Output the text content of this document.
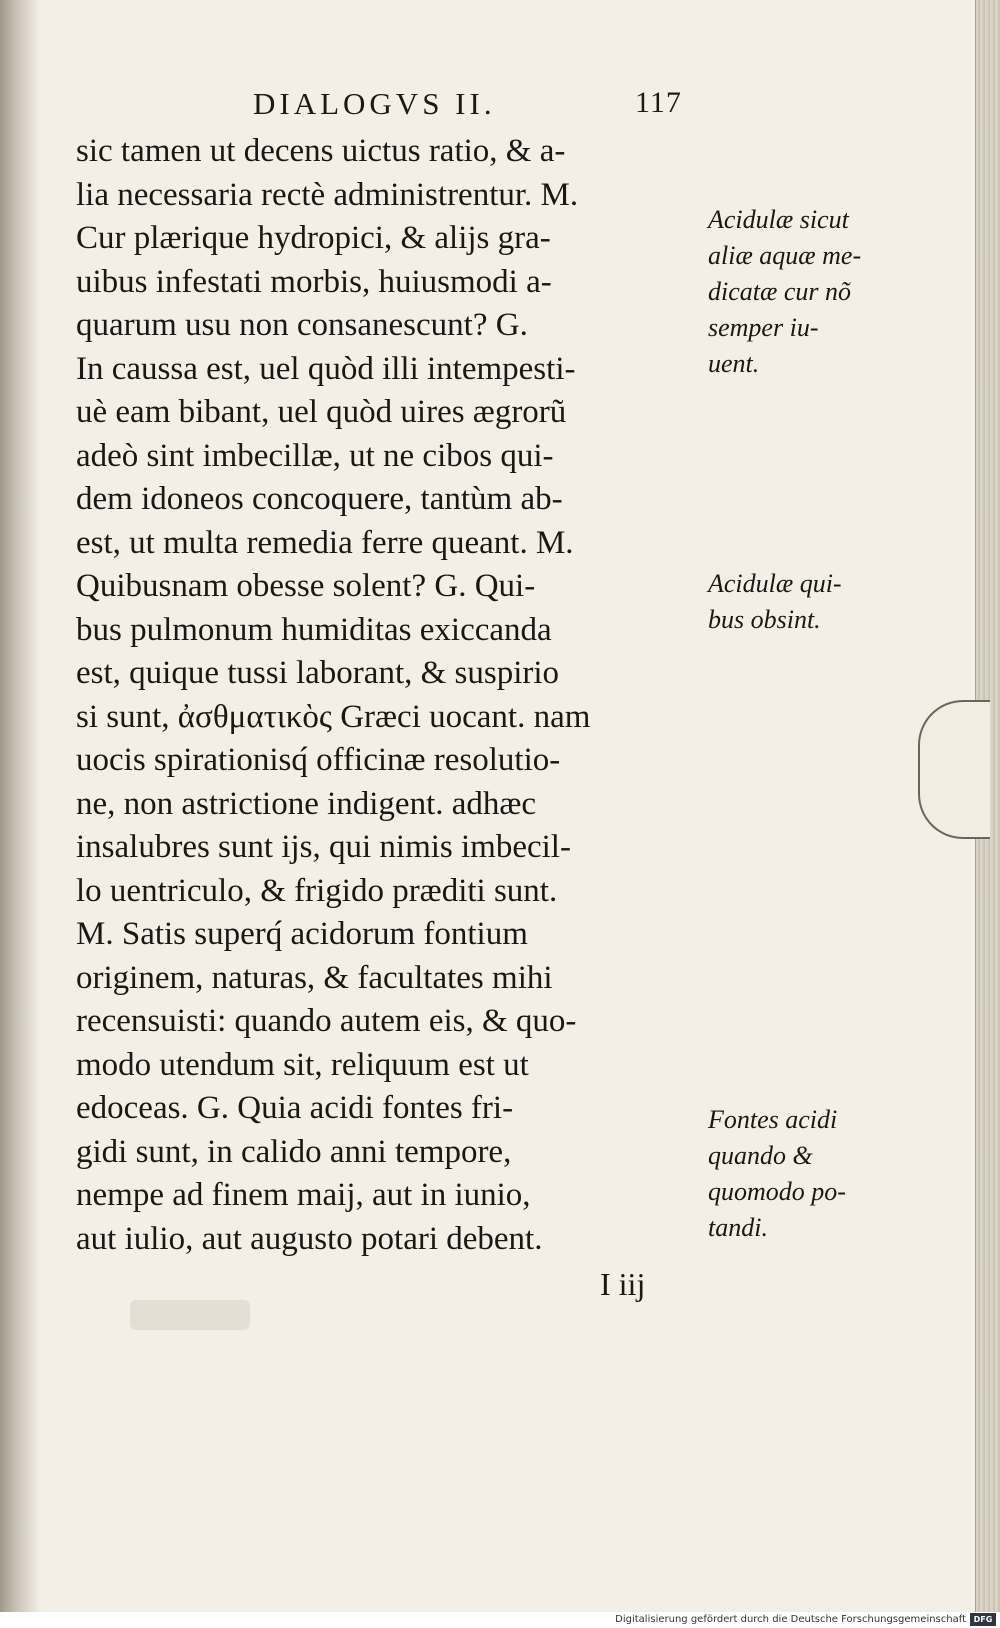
DIALOGVS II.	117
sic tamen ut decens uictus ratio, & a-
lia necessaria rectè administrentur. M.
Cur plærique hydropici, & alijs gra-
uibus infestati morbis, huiusmodi a-
quarum usu non consanescunt? G.
In caussa est, uel quòd illi intempesti-
uè eam bibant, uel quòd uires ægrorũ
adeò sint imbecillæ, ut ne cibos qui-
dem idoneos concoquere, tantùm ab-
est, ut multa remedia ferre queant. M.
Quibusnam obesse solent? G. Qui-
bus pulmonum humiditas exiccanda
est, quique tussi laborant, & suspirio
si sunt, ἀσθματικὸς Græci uocant. nam
uocis spirationisq́ officinæ resolutio-
ne, non astrictione indigent. adhæc
insalubres sunt ijs, qui nimis imbecil-
lo uentriculo, & frigido præditi sunt.
M. Satis superq́ acidorum fontium
originem, naturas, & facultates mihi
recensuisti: quando autem eis, & quo-
modo utendum sit, reliquum est ut
edoceas. G. Quia acidi fontes fri-
gidi sunt, in calido anni tempore,
nempe ad finem maij, aut in iunio,
aut iulio, aut augusto potari debent.
Acidulæ sicut
aliæ aquæ me-
dicatæ cur nõ
semper iu-
uent.
Acidulæ qui-
bus obsint.
Fontes acidi
quando &
quomodo po-
tandi.
I iij
Digitalisierung gefördert durch die Deutsche Forschungsgemeinschaft DFG
